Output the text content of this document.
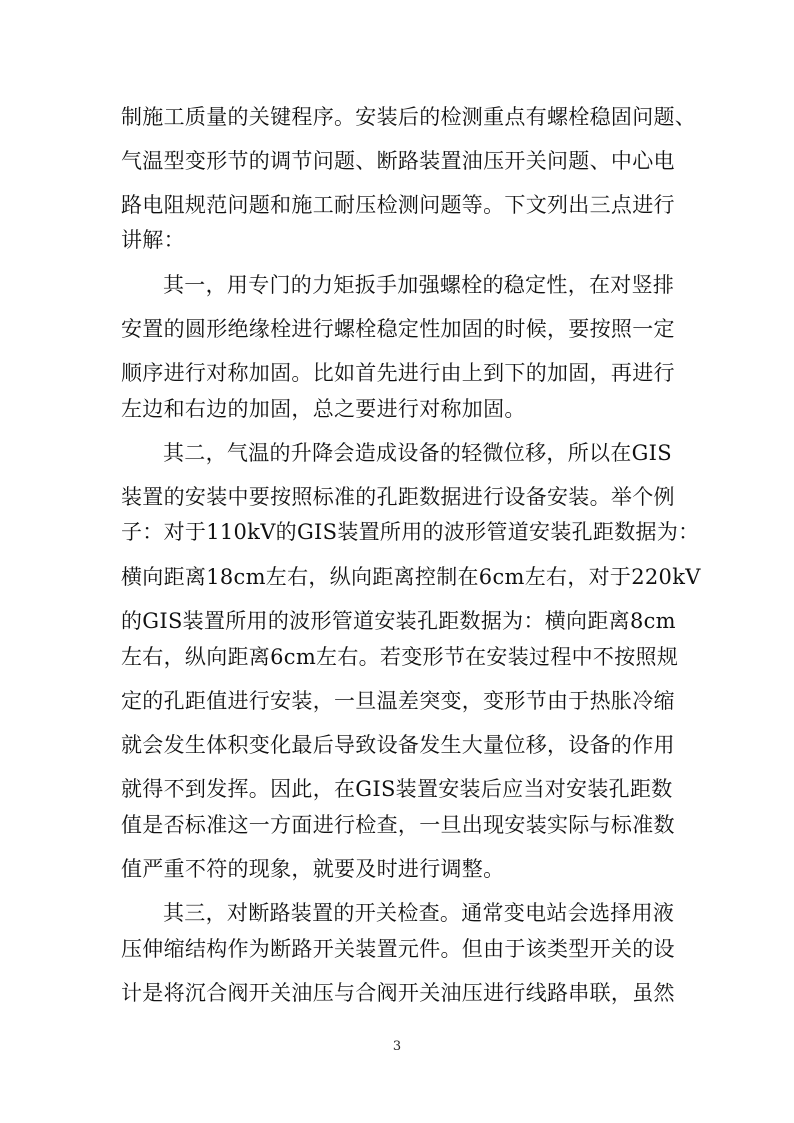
制施工质量的关键程序。安装后的检测重点有螺栓稳固问题、
气温型变形节的调节问题、断路装置油压开关问题、中心电
路电阻规范问题和施工耐压检测问题等。下文列出三点进行
讲解：
其一，用专门的力矩扳手加强螺栓的稳定性，在对竖排
安置的圆形绝缘栓进行螺栓稳定性加固的时候，要按照一定
顺序进行对称加固。比如首先进行由上到下的加固，再进行
左边和右边的加固，总之要进行对称加固。
其二，气温的升降会造成设备的轻微位移，所以在GIS
装置的安装中要按照标准的孔距数据进行设备安装。举个例
子：对于110kV的GIS装置所用的波形管道安装孔距数据为：
横向距离18cm左右，纵向距离控制在6cm左右，对于220kV
的GIS装置所用的波形管道安装孔距数据为：横向距离8cm
左右，纵向距离6cm左右。若变形节在安装过程中不按照规
定的孔距值进行安装，一旦温差突变，变形节由于热胀冷缩
就会发生体积变化最后导致设备发生大量位移，设备的作用
就得不到发挥。因此，在GIS装置安装后应当对安装孔距数
值是否标准这一方面进行检查，一旦出现安装实际与标准数
值严重不符的现象，就要及时进行调整。
其三，对断路装置的开关检查。通常变电站会选择用液
压伸缩结构作为断路开关装置元件。但由于该类型开关的设
计是将沉合阀开关油压与合阀开关油压进行线路串联，虽然
3
